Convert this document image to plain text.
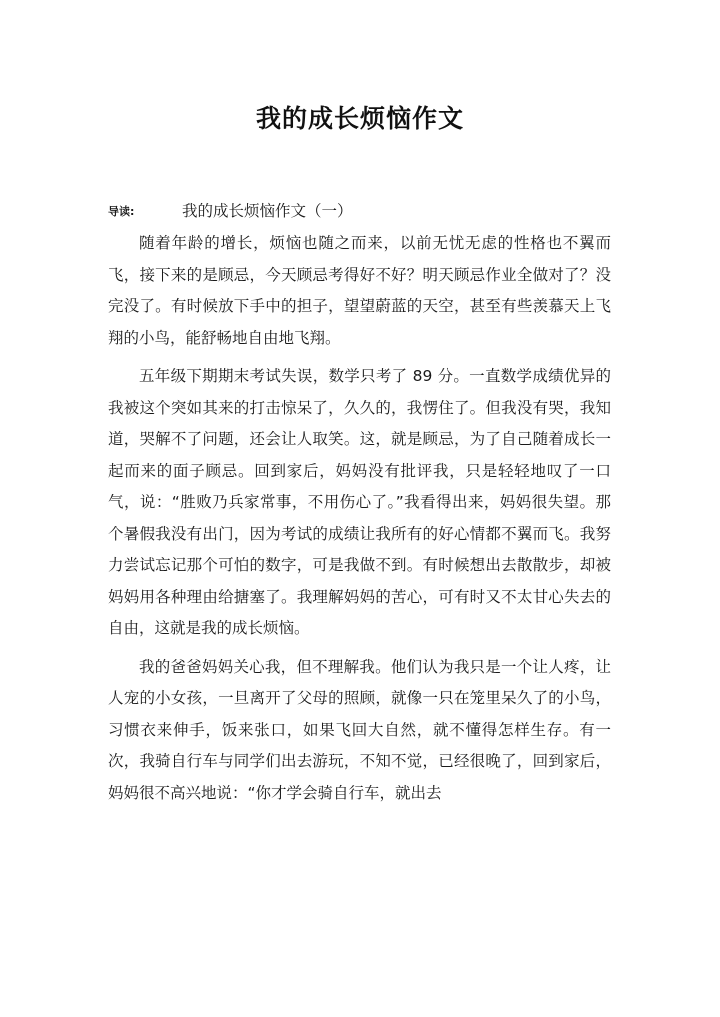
我的成长烦恼作文
导读:	我的成长烦恼作文（一）

随着年龄的增长，烦恼也随之而来，以前无忧无虑的性格也不翼而飞，接下来的是顾忌，今天顾忌考得好不好？明天顾忌作业全做对了？没完没了。有时候放下手中的担子，望望蔚蓝的天空，甚至有些羡慕天上飞翔的小鸟，能舒畅地自由地飞翔。

五年级下期期末考试失误，数学只考了 89 分。一直数学成绩优异的我被这个突如其来的打击惊呆了，久久的，我愣住了。但我没有哭，我知道，哭解不了问题，还会让人取笑。这，就是顾忌，为了自己随着成长一起而来的面子顾忌。回到家后，妈妈没有批评我，只是轻轻地叹了一口气，说：“胜败乃兵家常事，不用伤心了。”我看得出来，妈妈很失望。那个暑假我没有出门，因为考试的成绩让我所有的好心情都不翼而飞。我努力尝试忘记那个可怕的数字，可是我做不到。有时候想出去散散步，却被妈妈用各种理由给搪塞了。我理解妈妈的苦心，可有时又不太甘心失去的自由，这就是我的成长烦恼。

我的爸爸妈妈关心我，但不理解我。他们认为我只是一个让人疼，让人宠的小女孩，一旦离开了父母的照顾，就像一只在笼里呆久了的小鸟，习惯衣来伸手，饭来张口，如果飞回大自然，就不懂得怎样生存。有一次，我骑自行车与同学们出去游玩，不知不觉，已经很晚了，回到家后，妈妈很不高兴地说：“你才学会骑自行车，就出去
